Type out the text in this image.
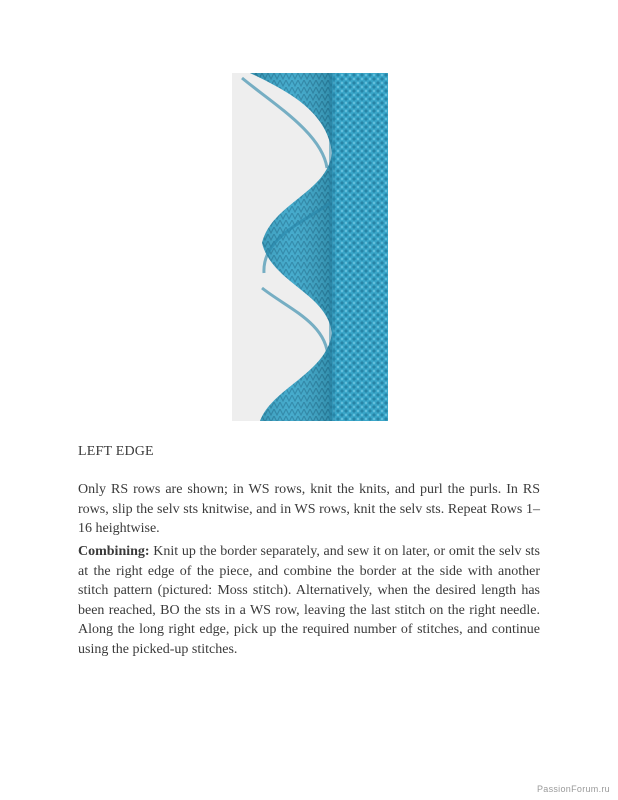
LEFT EDGE

Only RS rows are shown; in WS rows, knit the knits, and purl the purls. In RS rows, slip the selv sts knitwise, and in WS rows, knit the selv sts. Repeat Rows 1–16 heightwise.

Combining: Knit up the border separately, and sew it on later, or omit the selv sts at the right edge of the piece, and combine the border at the side with another stitch pattern (pictured: Moss stitch). Alternatively, when the desired length has been reached, BO the sts in a WS row, leaving the last stitch on the right needle. Along the long right edge, pick up the required number of stitches, and continue using the picked-up stitches.

PassionForum.ru
